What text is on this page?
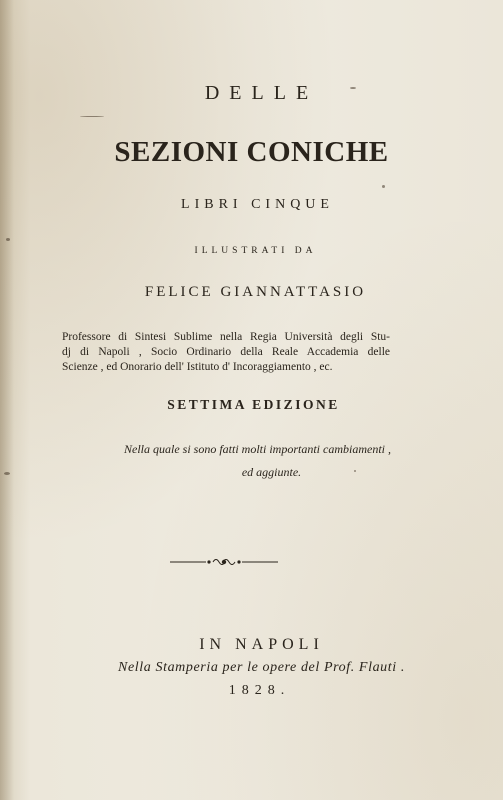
DELLE
SEZIONI CONICHE
LIBRI CINQUE
ILLUSTRATI DA
FELICE GIANNATTASIO
Professore di Sintesi Sublime nella Regia Università degli Stu-
dj di Napoli , Socio Ordinario della Reale Accademia delle
Scienze , ed Onorario dell' Istituto d' Incoraggiamento , ec.
SETTIMA EDIZIONE
Nella quale si sono fatti molti importanti cambiamenti ,
ed aggiunte.
IN NAPOLI
Nella Stamperia per le opere del Prof. Flauti .
1828.
